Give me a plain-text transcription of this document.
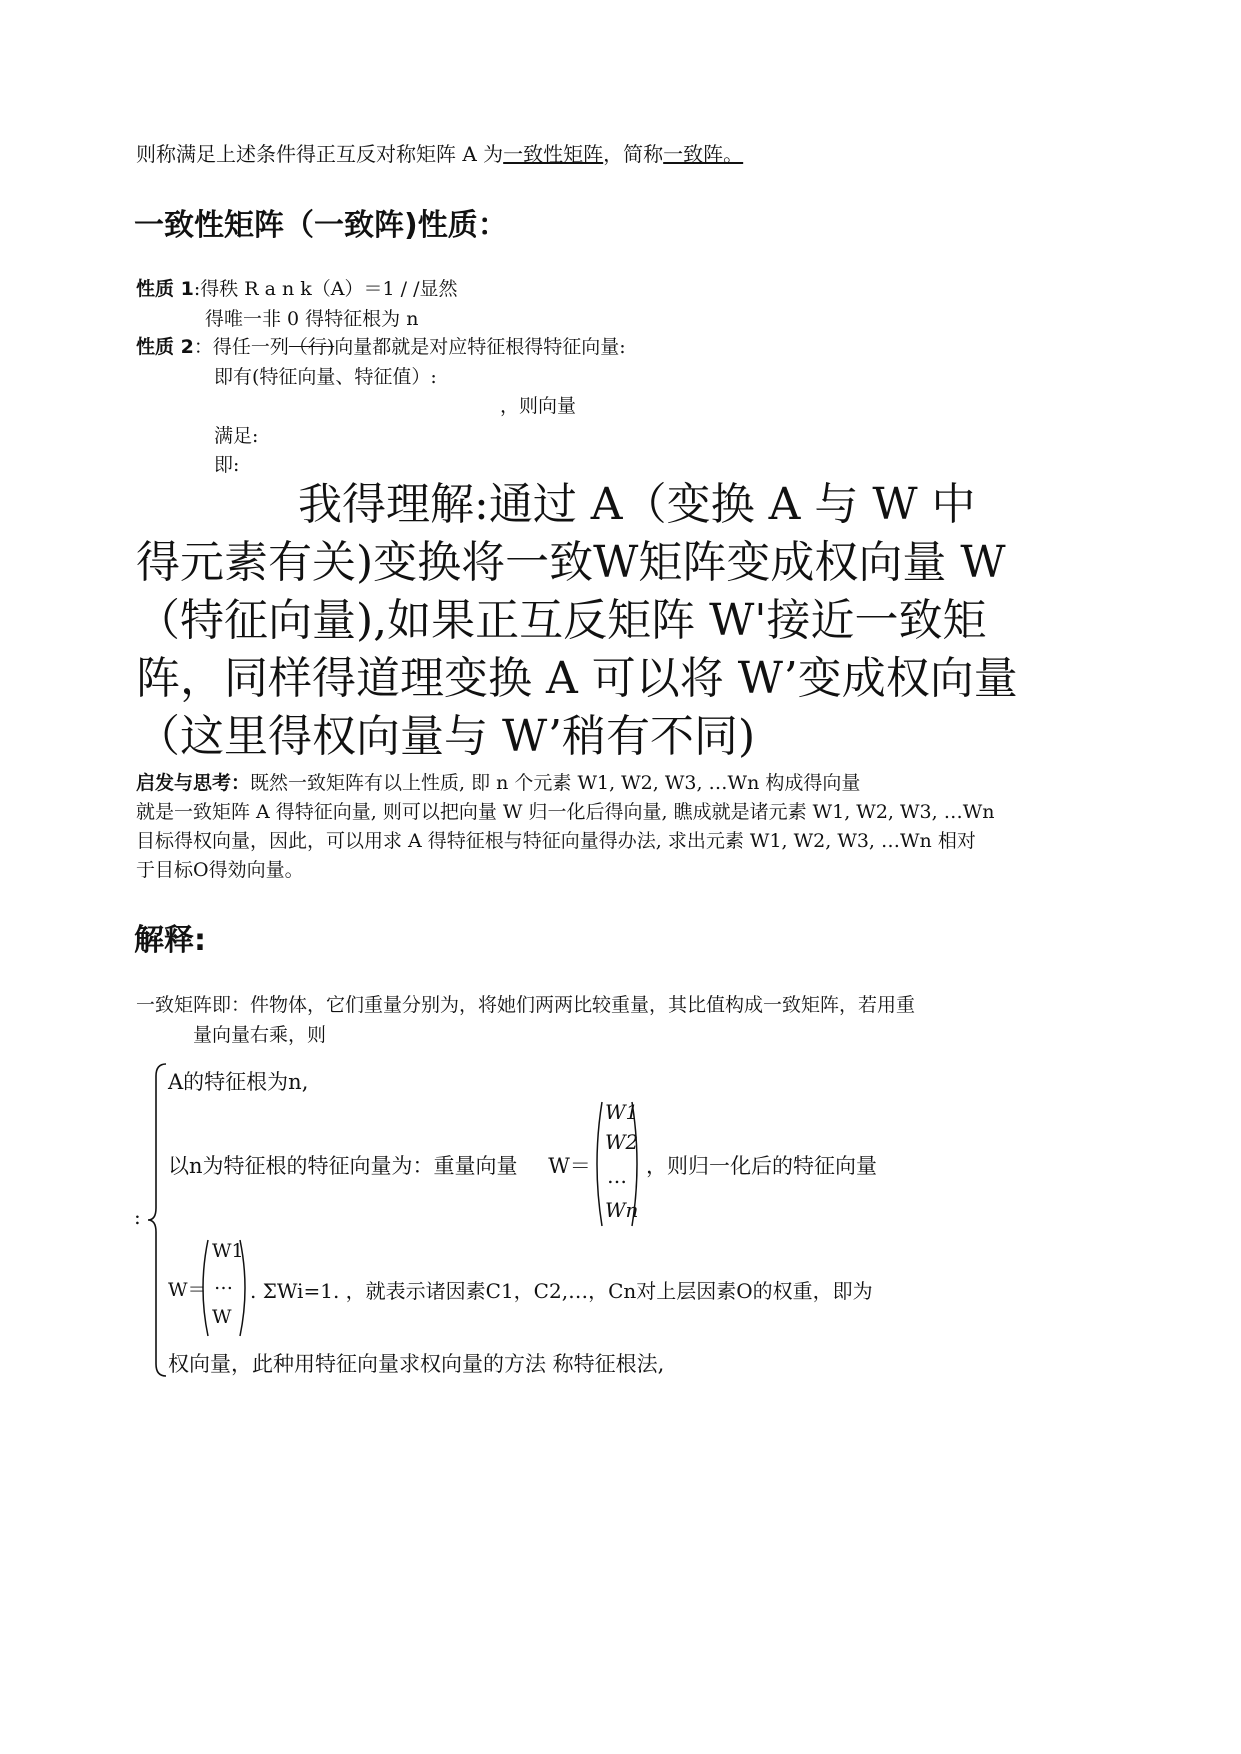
则称满足上述条件得正互反对称矩阵 A 为一致性矩阵，简称一致阵。
一致性矩阵（一致阵)性质：
性质 1:得秩 R a n k（A）＝1 / /显然
得唯一非 0 得特征根为 n
性质 2：得任一列（行)向量都就是对应特征根得特征向量:
即有(特征向量、特征值）:
，则向量
满足:
即:
我得理解:通过 A（变换 A 与 W 中
得元素有关)变换将一致W矩阵变成权向量 W
（特征向量),如果正互反矩阵 W'接近一致矩
阵，同样得道理变换 A 可以将 W’变成权向量
（这里得权向量与 W’稍有不同)
启发与思考：既然一致矩阵有以上性质, 即 n 个元素 W1, W2, W3, …Wn 构成得向量
就是一致矩阵 A 得特征向量, 则可以把向量 W 归一化后得向量, 瞧成就是诸元素 W1, W2, W3, …Wn
目标得权向量，因此，可以用求 A 得特征根与特征向量得办法, 求出元素 W1, W2, W3, …Wn 相对
于目标O得効向量。
解释:
一致矩阵即：件物体，它们重量分别为，将她们两两比较重量，其比值构成一致矩阵，若用重
量向量右乘，则
:
A的特征根为n,
以n为特征根的特征向量为：重量向量 W＝
W1
W2
…
Wn
，则归一化后的特征向量
W＝
W1
…
W
. ΣWi=1. ，就表示诸因素C1，C2,…，Cn对上层因素O的权重，即为
权向量，此种用特征向量求权向量的方法 称特征根法,
